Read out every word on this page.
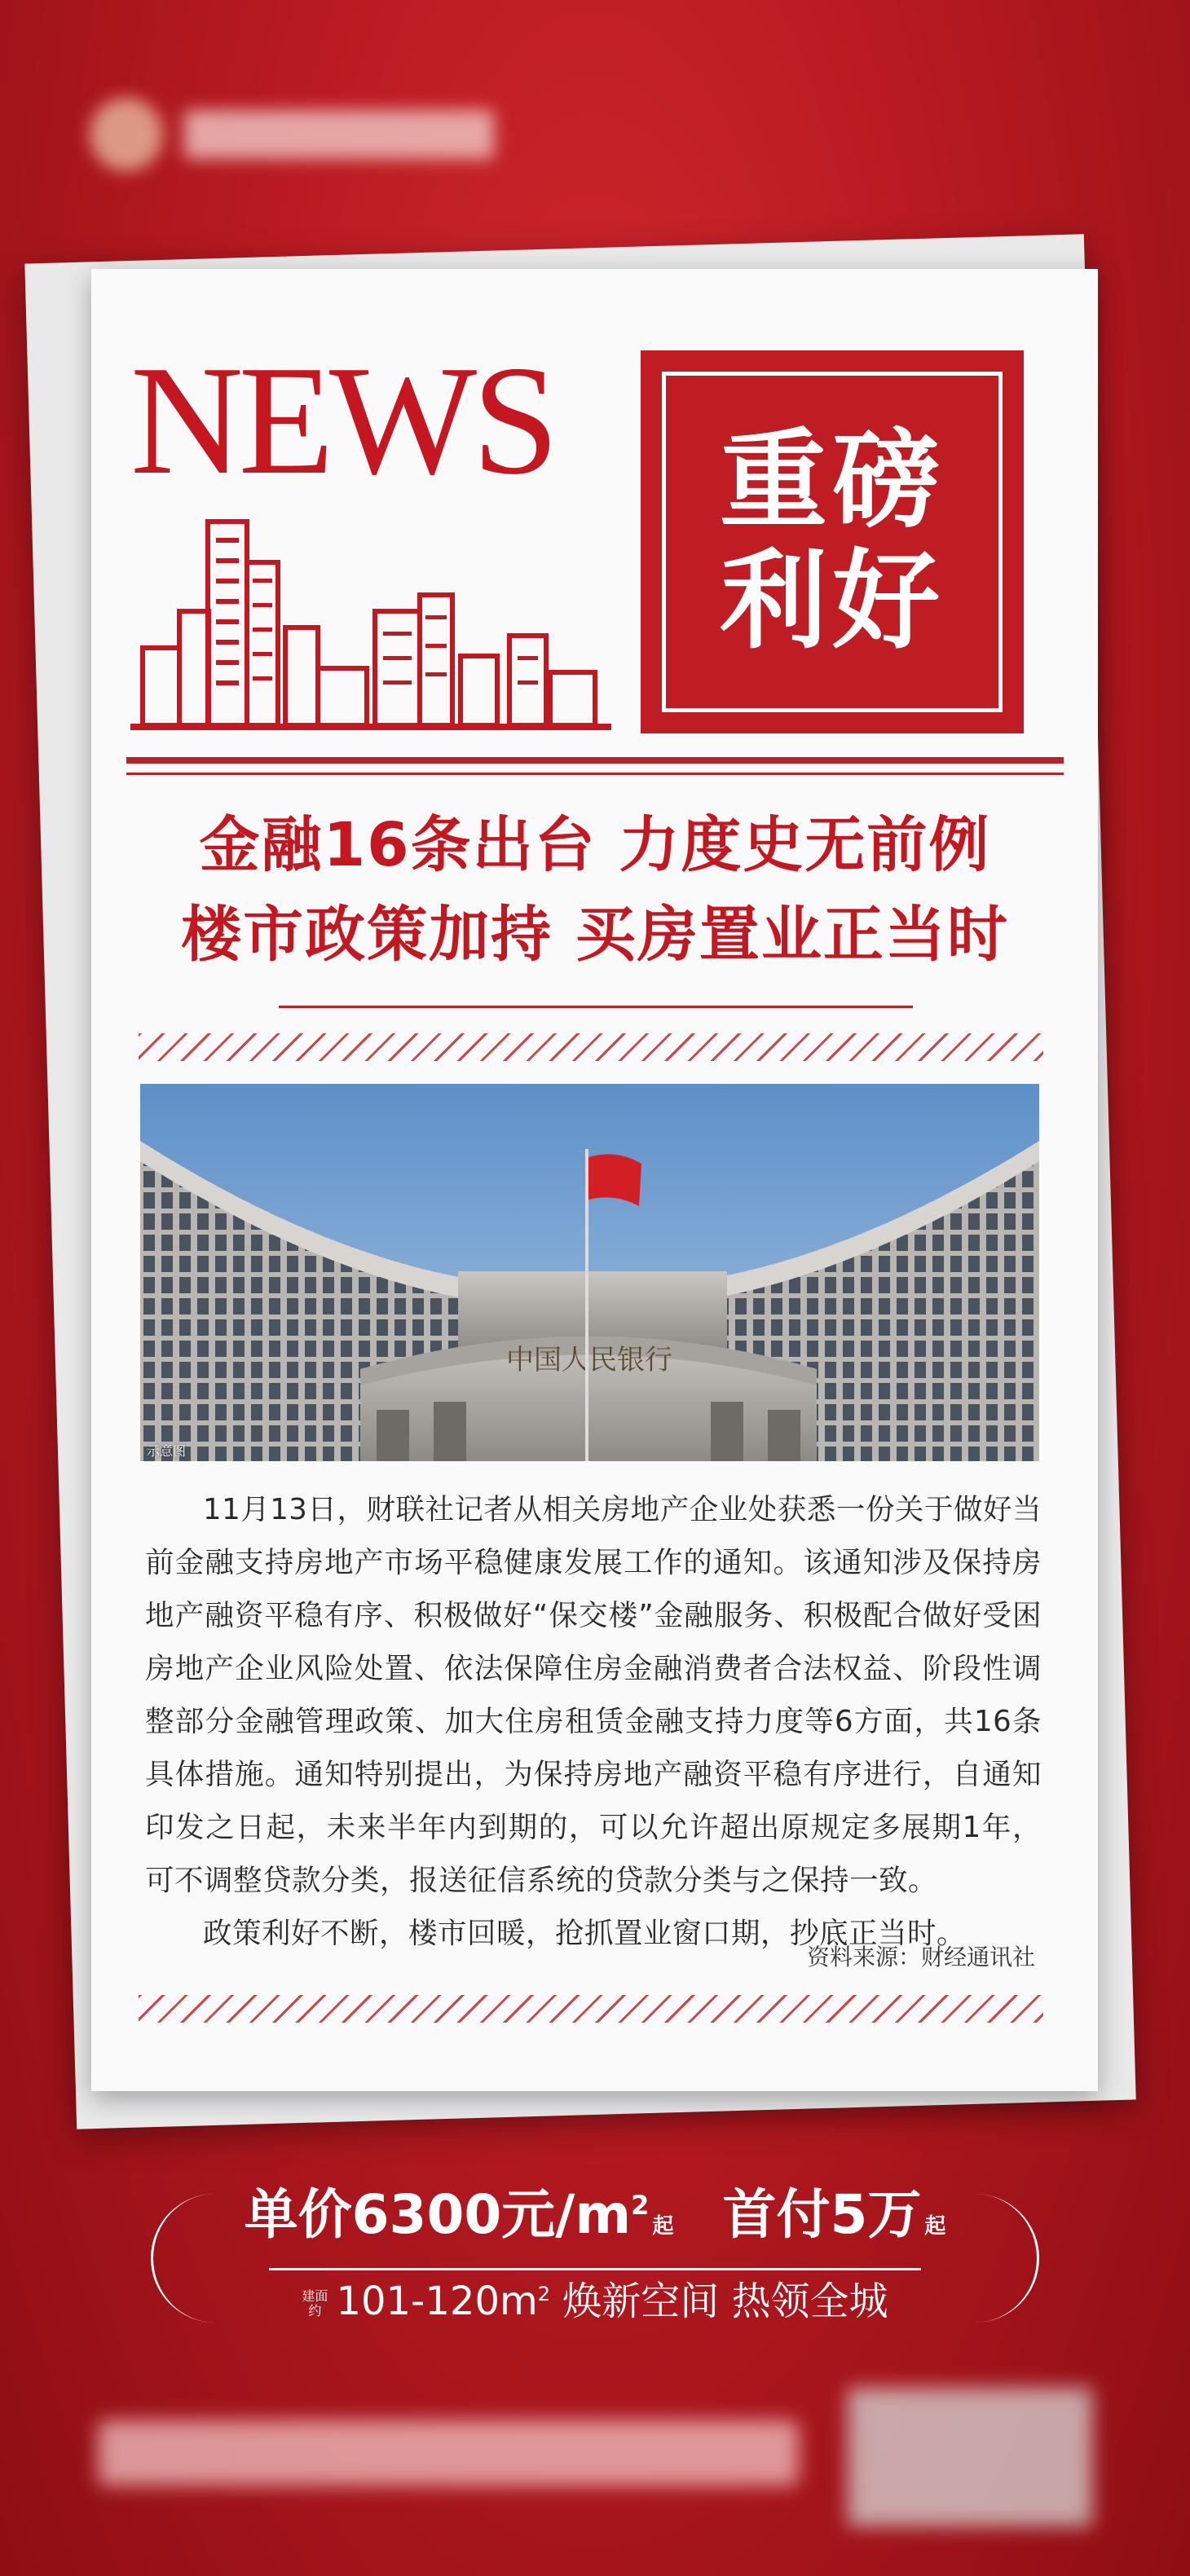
NEWS 重磅
利好
金融16条出台 力度史无前例
楼市政策加持 买房置业正当时
中国人民银行
示意图

11月13日，财联社记者从相关房地产企业处获悉一份关于做好当前金融支持房地产市场平稳健康发展工作的通知。该通知涉及保持房地产融资平稳有序、积极做好“保交楼”金融服务、积极配合做好受困房地产企业风险处置、依法保障住房金融消费者合法权益、阶段性调整部分金融管理政策、加大住房租赁金融支持力度等6方面，共16条具体措施。通知特别提出，为保持房地产融资平稳有序进行，自通知印发之日起，未来半年内到期的，可以允许超出原规定多展期1年，可不调整贷款分类，报送征信系统的贷款分类与之保持一致。

政策利好不断，楼市回暖，抢抓置业窗口期，抄底正当时。

资料来源：财经通讯社
单价6300元$/m^2$起 首付5万 起
建面
约 $101-120m^2$ 焕新空间 热领全城
